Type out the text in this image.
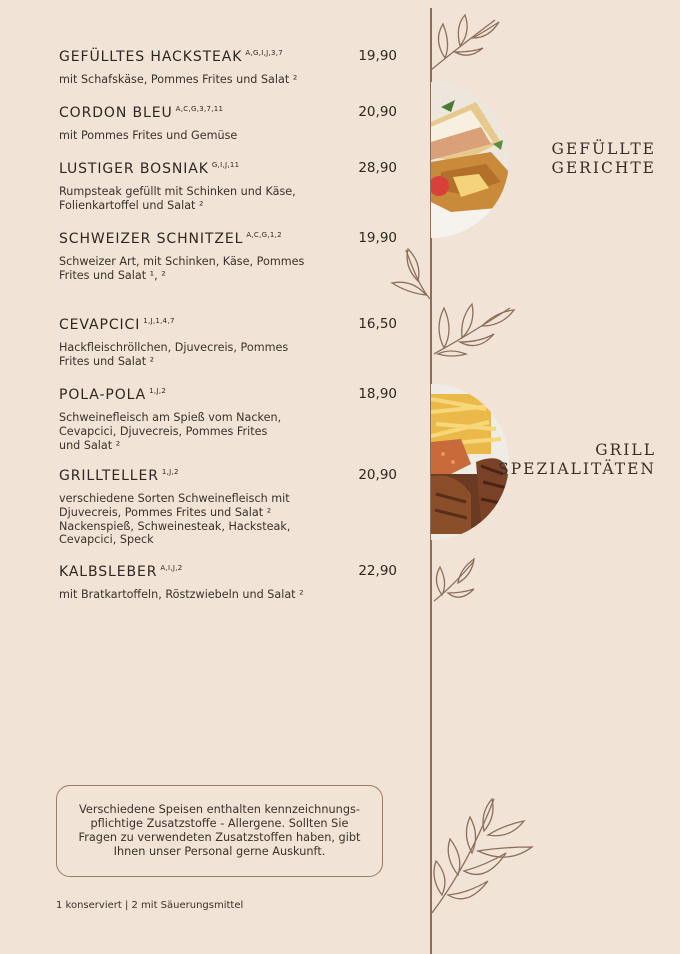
GEFÜLLTES HACKSTEAK $^{A,G,I,J,3,7}$	19,90
mit Schafskäse, Pommes Frites und Salat ²
CORDON BLEU $^{A,C,G,3,7,11}$	20,90
mit Pommes Frites und Gemüse
LUSTIGER BOSNIAK $^{G,I,J,11}$	28,90
Rumpsteak gefüllt mit Schinken und Käse,
Folienkartoffel und Salat ²
SCHWEIZER SCHNITZEL $^{A,C,G,1,2}$	19,90
Schweizer Art, mit Schinken, Käse, Pommes
Frites und Salat ¹, ²
CEVAPCICI $^{1,J,1,4,7}$	16,50
Hackfleischröllchen, Djuvecreis, Pommes
Frites und Salat ²
POLA-POLA $^{1,J,2}$	18,90
Schweinefleisch am Spieß vom Nacken,
Cevapcici, Djuvecreis, Pommes Frites
und Salat ²
GRILLTELLER $^{1,J,2}$	20,90
verschiedene Sorten Schweinefleisch mit
Djuvecreis, Pommes Frites und Salat ²
Nackenspieß, Schweinesteak, Hacksteak,
Cevapcici, Speck
KALBSLEBER $^{A,I,J,2}$	22,90
mit Bratkartoffeln, Röstzwiebeln und Salat ²
GEFÜLLTE
GERICHTE
GRILL
SPEZIALITÄTEN
Verschiedene Speisen enthalten kennzeichnungs-
pflichtige Zusatzstoffe - Allergene. Sollten Sie
Fragen zu verwendeten Zusatzstoffen haben, gibt
Ihnen unser Personal gerne Auskunft.
1 konserviert | 2 mit Säuerungsmittel
